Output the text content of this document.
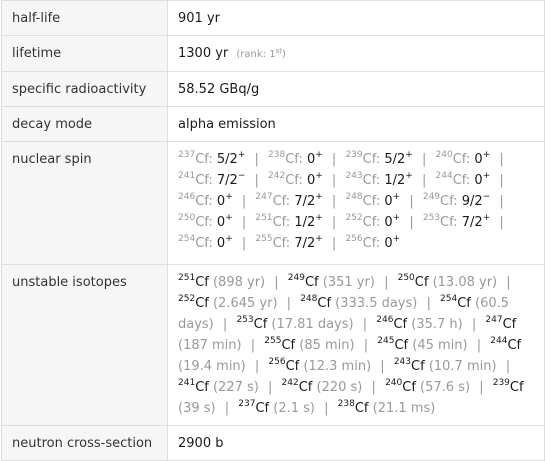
half-life	901 yr
lifetime	1300 yr (rank: 1st)
specific radioactivity	58.52 GBq/g
decay mode	alpha emission
nuclear spin	$^{237}$Cf: 5/2+ | $^{238}$Cf: 0+ | $^{239}$Cf: 5/2+ | $^{240}$Cf: 0+ | $^{241}$Cf: 7/2− | $^{242}$Cf: 0+ | $^{243}$Cf: 1/2+ | $^{244}$Cf: 0+ | $^{246}$Cf: 0+ | $^{247}$Cf: 7/2+ | $^{248}$Cf: 0+ | $^{249}$Cf: 9/2− | $^{250}$Cf: 0+ | $^{251}$Cf: 1/2+ | $^{252}$Cf: 0+ | $^{253}$Cf: 7/2+ | $^{254}$Cf: 0+ | $^{255}$Cf: 7/2+ | $^{256}$Cf: 0+
unstable isotopes	$^{251}$Cf (898 yr) | $^{249}$Cf (351 yr) | $^{250}$Cf (13.08 yr) | $^{252}$Cf (2.645 yr) | $^{248}$Cf (333.5 days) | $^{254}$Cf (60.5 days) | $^{253}$Cf (17.81 days) | $^{246}$Cf (35.7 h) | $^{247}$Cf (187 min) | $^{255}$Cf (85 min) | $^{245}$Cf (45 min) | $^{244}$Cf (19.4 min) | $^{256}$Cf (12.3 min) | $^{243}$Cf (10.7 min) | $^{241}$Cf (227 s) | $^{242}$Cf (220 s) | $^{240}$Cf (57.6 s) | $^{239}$Cf (39 s) | $^{237}$Cf (2.1 s) | $^{238}$Cf (21.1 ms)
neutron cross-section	2900 b
